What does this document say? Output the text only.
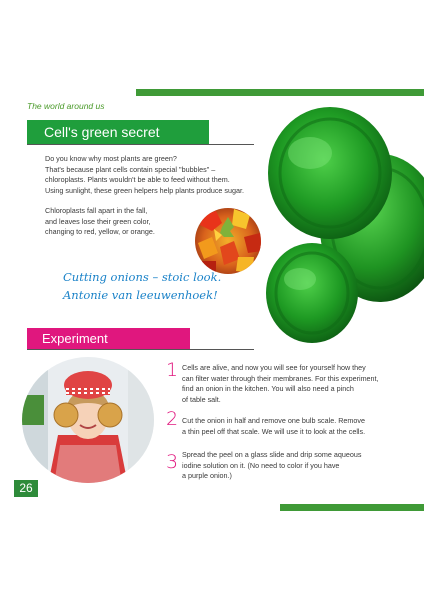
The world around us
Cell's green secret
Do you know why most plants are green?
That's because plant cells contain special "bubbles" –
chloroplasts. Plants wouldn't be able to feed without them.
Using sunlight, these green helpers help plants produce sugar.
Chloroplasts fall apart in the fall,
and leaves lose their green color,
changing to red, yellow, or orange.
Cutting onions – stoic look.
Antonie van leeuwenhoek!
Experiment
1 Cells are alive, and now you will see for yourself how they
can filter water through their membranes. For this experiment,
find an onion in the kitchen. You will also need a pinch
of table salt.
2 Cut the onion in half and remove one bulb scale. Remove
a thin peel off that scale. We will use it to look at the cells.
3 Spread the peel on a glass slide and drip some aqueous
iodine solution on it. (No need to color if you have
a purple onion.)
26
